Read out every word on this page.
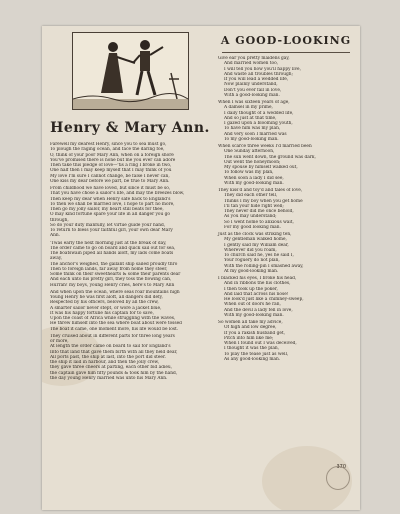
Henry & Mary Ann.
Farewell my dearest Henry, since you to sea must go,
To plough the raging ocean, and face the daring foe,
O, think of your poor Mary Ann, when on a foreign shore
You've promised there is none but me you ever can adore
Then take this pledge of love—'tis a ring I broke in two,
One half then I may keep myself that I may think of you
My love I'm sure I cannot change, be false I never can,
One kiss my dear before we part, be true to Mary Ann.
From childhood we have loved, but since it must be so,
That you have chose a sailor's life, and may the breezes blow,
Then keep my dear when Henry safe back to England's
To then we shall be married love, I hope to part no more,
Then go my jolly sailor, my heart still beats for thee,
O may kind fortune spare your life in all danger you go
through,
So do your duty manfully, let virtue guide your hand,
To return to bless your faithful girl, your own dear Mary
Ann.
'Twas early the next morning just at the break of day,
The order came to go on board and quick sail out for sea,
The boatswain piped all hands aloft, my lads come boats
away,
The anchor's weighed, the gallant ship sailed proudly thro
Then to foreign lands, far away from home they steer,
Some think on their sweethearts & some their parents dear
And each unto his pretty girl, they toss the flowing can,
Hurrah! my boys, young Henry cries, here's to Mary Ann
And when upon the ocean, where seas roar mountains high
Young Henry he was first aloft, all dangers did defy,
Respected by his officers, beloved by all the crew,
A smarter sailor never stept, or wore a jacket blue,
It was his happy fortune his captain for to save,
Upon the coast of Africa while struggling with the waves,
He threw himself into the sea where boat about were tossed
The boat it came, one moment more, his life would be lost.
They cruised about in different parts for three long years
or more,
At length the order came on board to sail for England's
Into that land that gave them birth with all they held dear,
All ports past, the ship at last, into the port did steer.
the ship it laid in harbour, and then the jolly crew,
they gave three cheers at parting, each other bid adieu,
the captain gave him fifty pounds & took him by the hand,
the day young Henry married was unto his Mary Ann.
A GOOD-LOOKING
Give ear you pretty maidens gay,
And married women too,
I will tell you how you'll happy live,
And waste all troubles through;
If you will lead a wedded life,
Now plainly understand,
Don't you ever fall in love,
With a good-looking man.
When I was sixteen years of age,
A damsel in my prime,
I daily thought of a wedded life,
And so just at that time,
I gazed upon a blooming youth,
To have him was my plan,
And very soon I married was
To my good-looking man.
When scarce three weeks I'd married been
One Sunday afternoon,
The sun went down, the ground was dark,
Out went the honeymoon;
My spouse by himself walked out,
To follow was my plan,
When soon a lady I did see,
With my good-looking man.
They kiss'd and toy'd and tales of love,
They did each other tell,
Thinks I my boy when you get home
I'll tan your hide right well;
They never did me once behold,
As you may understand;
So I went home to anxious wait,
For my good looking man.
Just as the clock was striking ten,
My gentleman walked home,
I gently said my William dear,
Wherever did you roam,
To church said he, yes he said I,
Your roguery do not plan,
With the rolling-pin I smashed away,
At my good-looking man.
I blacked his eyes, I broke his head,
And in ribbons the his clothes,
I then took up the poker,
And laid that across his nose!
He look'd just like a chimney-sweep,
When out of doors he ran,
And the devil a lady fell in love,
With my good-looking man.
So women all take my advice,
Of high and low degree,
If you a rakish husband get,
Pitch into him like me;
When I found out I was deceived,
I thought it was the plan,
To play the tease just as well,
As any good-looking man.
370
